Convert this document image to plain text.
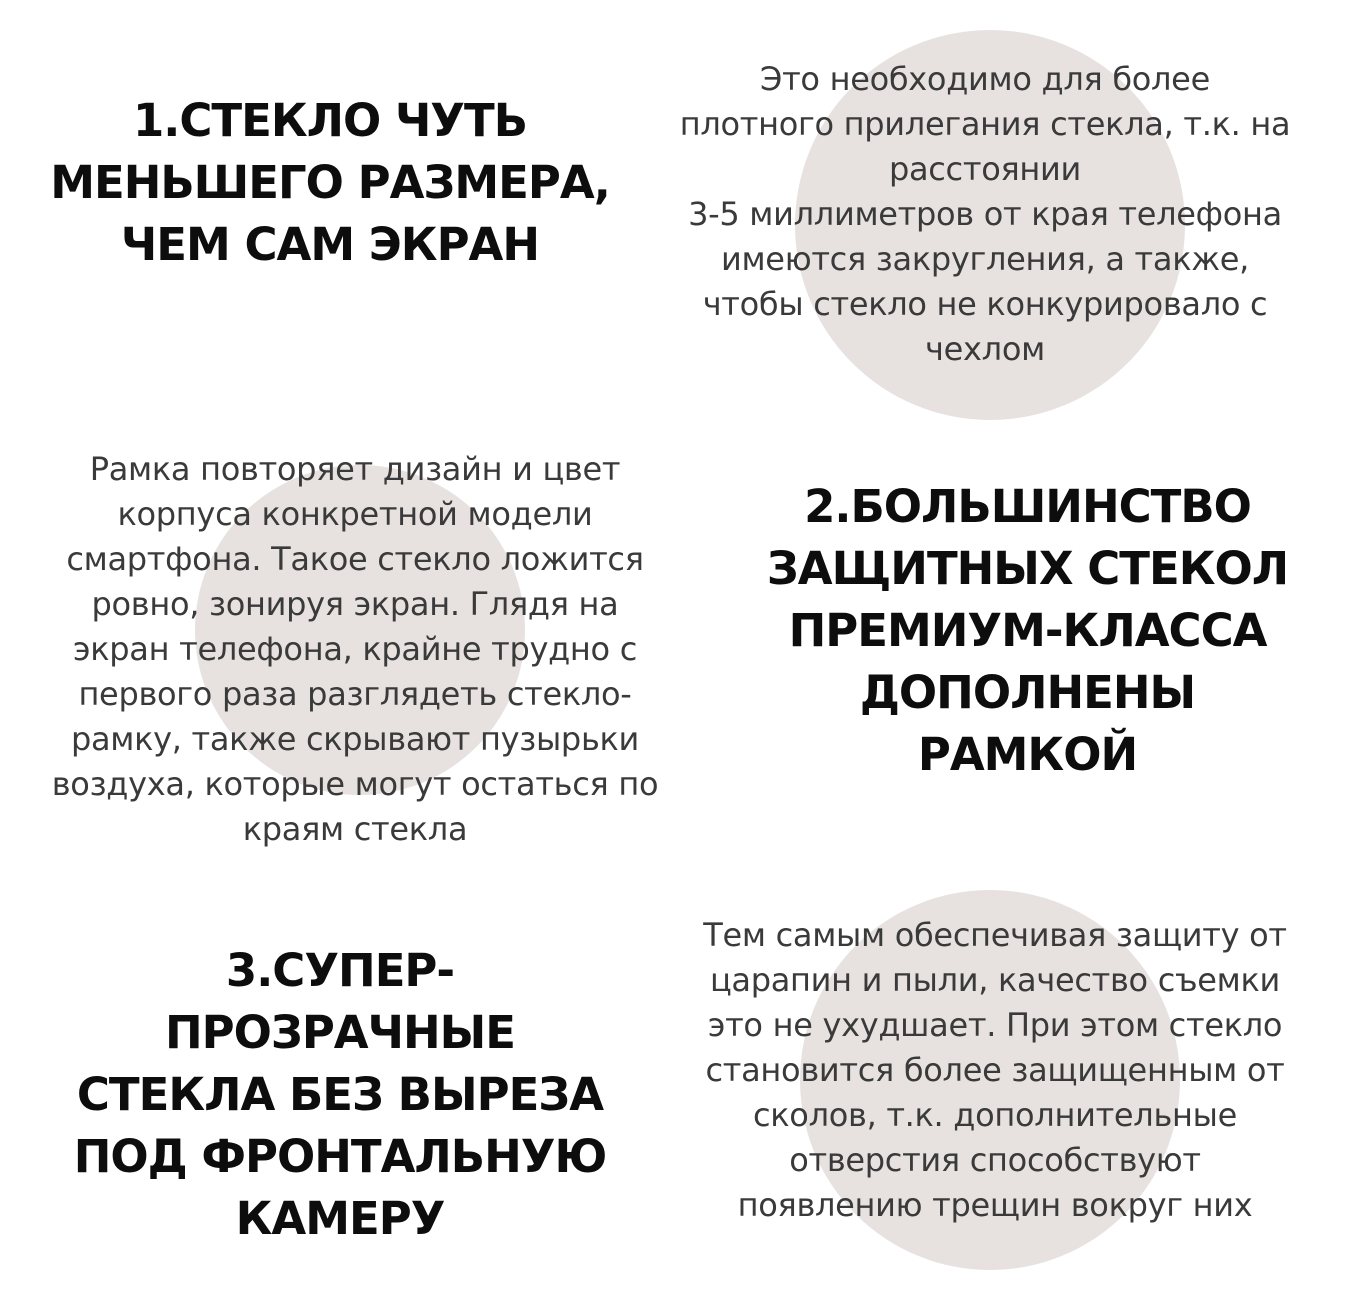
1.СТЕКЛО ЧУТЬ
МЕНЬШЕГО РАЗМЕРА,
ЧЕМ САМ ЭКРАН
Это необходимо для более
плотного прилегания стекла, т.к. на
расстоянии
3-5 миллиметров от края телефона
имеются закругления, а также,
чтобы стекло не конкурировало с
чехлом
Рамка повторяет дизайн и цвет
корпуса конкретной модели
смартфона. Такое стекло ложится
ровно, зонируя экран. Глядя на
экран телефона, крайне трудно с
первого раза разглядеть стекло-
рамку, также скрывают пузырьки
воздуха, которые могут остаться по
краям стекла
2.БОЛЬШИНСТВО
ЗАЩИТНЫХ СТЕКОЛ
ПРЕМИУМ-КЛАССА
ДОПОЛНЕНЫ
РАМКОЙ
3.СУПЕР-
ПРОЗРАЧНЫЕ
СТЕКЛА БЕЗ ВЫРЕЗА
ПОД ФРОНТАЛЬНУЮ
КАМЕРУ
Тем самым обеспечивая защиту от
царапин и пыли, качество съемки
это не ухудшает. При этом стекло
становится более защищенным от
сколов, т.к. дополнительные
отверстия способствуют
появлению трещин вокруг них
